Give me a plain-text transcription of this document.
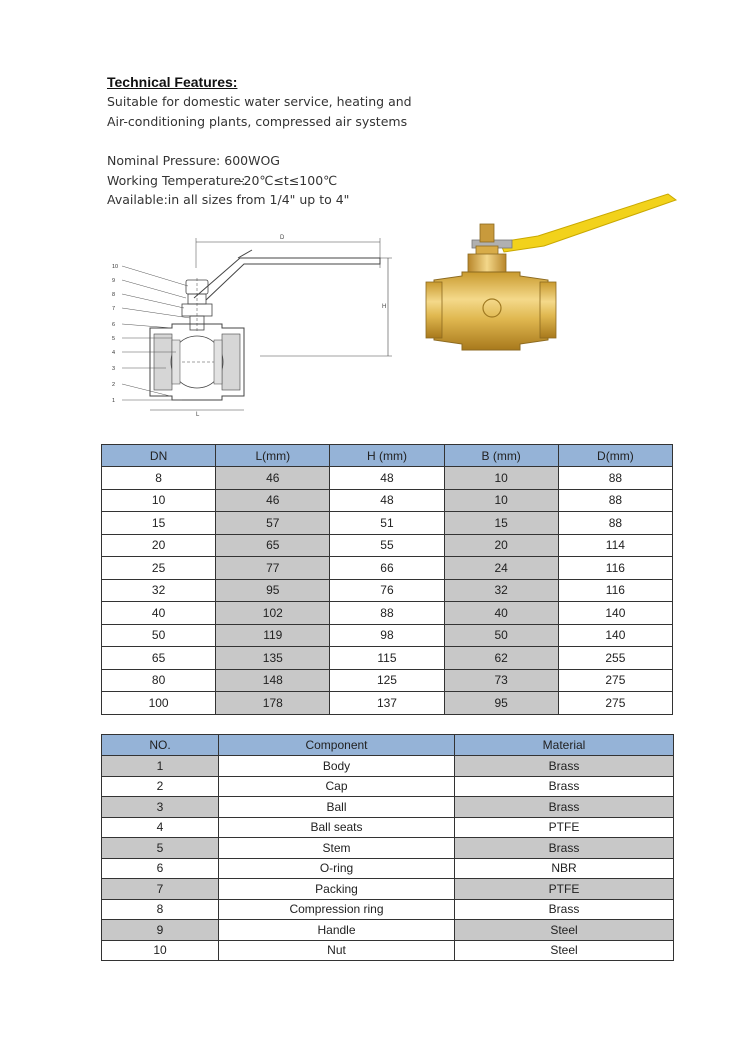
Technical Features:
Suitable for domestic water service, heating and
Air-conditioning plants, compressed air systems
Nominal Pressure: 600WOG
Working Temperature:-20℃≤t≤100℃
Available:in all sizes from 1/4" up to 4"
D
H
L
10
9
8
7
6
5
4
3
2
1
DN	L(mm)	H (mm)	B (mm)	D(mm)
8	46	48	10	88
10	46	48	10	88
15	57	51	15	88
20	65	55	20	114
25	77	66	24	116
32	95	76	32	116
40	102	88	40	140
50	119	98	50	140
65	135	115	62	255
80	148	125	73	275
100	178	137	95	275
NO.	Component	Material
1	Body	Brass
2	Cap	Brass
3	Ball	Brass
4	Ball seats	PTFE
5	Stem	Brass
6	O-ring	NBR
7	Packing	PTFE
8	Compression ring	Brass
9	Handle	Steel
10	Nut	Steel
